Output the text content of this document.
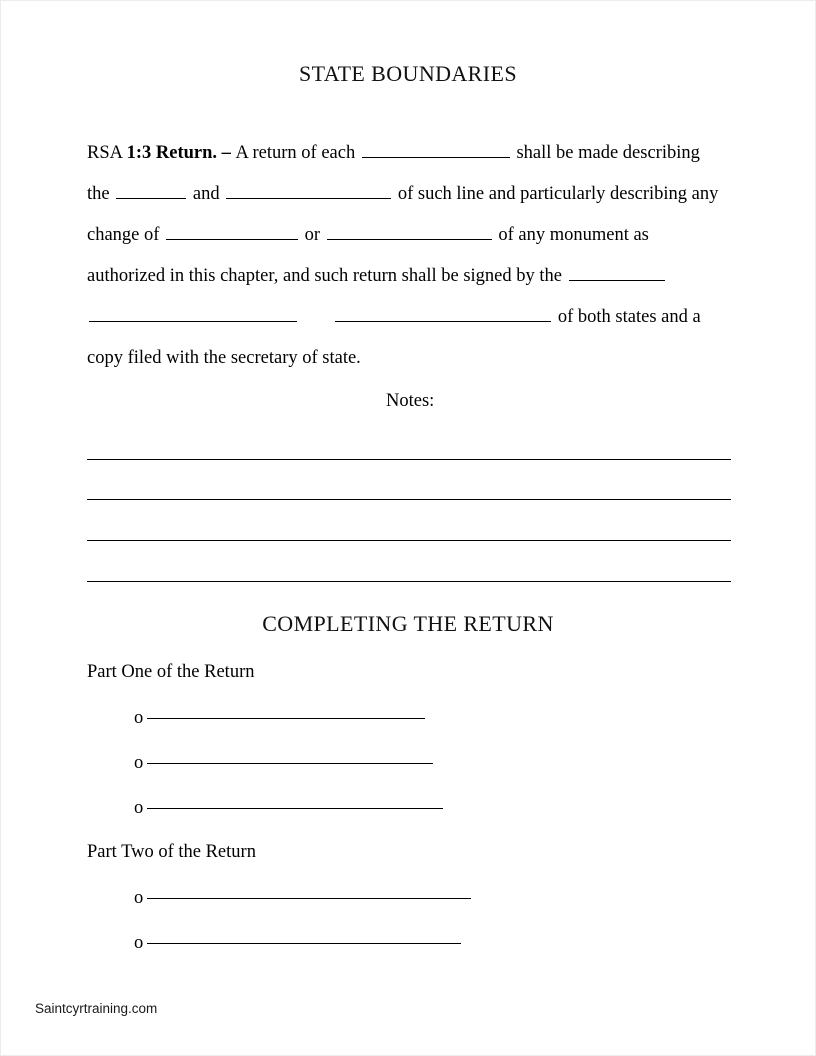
STATE BOUNDARIES
RSA 1:3 Return. – A return of each	shall be made describing
the	and	of such line and particularly describing any
change of	or	of any monument as
authorized in this chapter, and such return shall be signed by the
of both states and a
copy filed with the secretary of state.
Notes:
COMPLETING THE RETURN
Part One of the Return
o
o
o
Part Two of the Return
o
o
Saintcyrtraining.com
